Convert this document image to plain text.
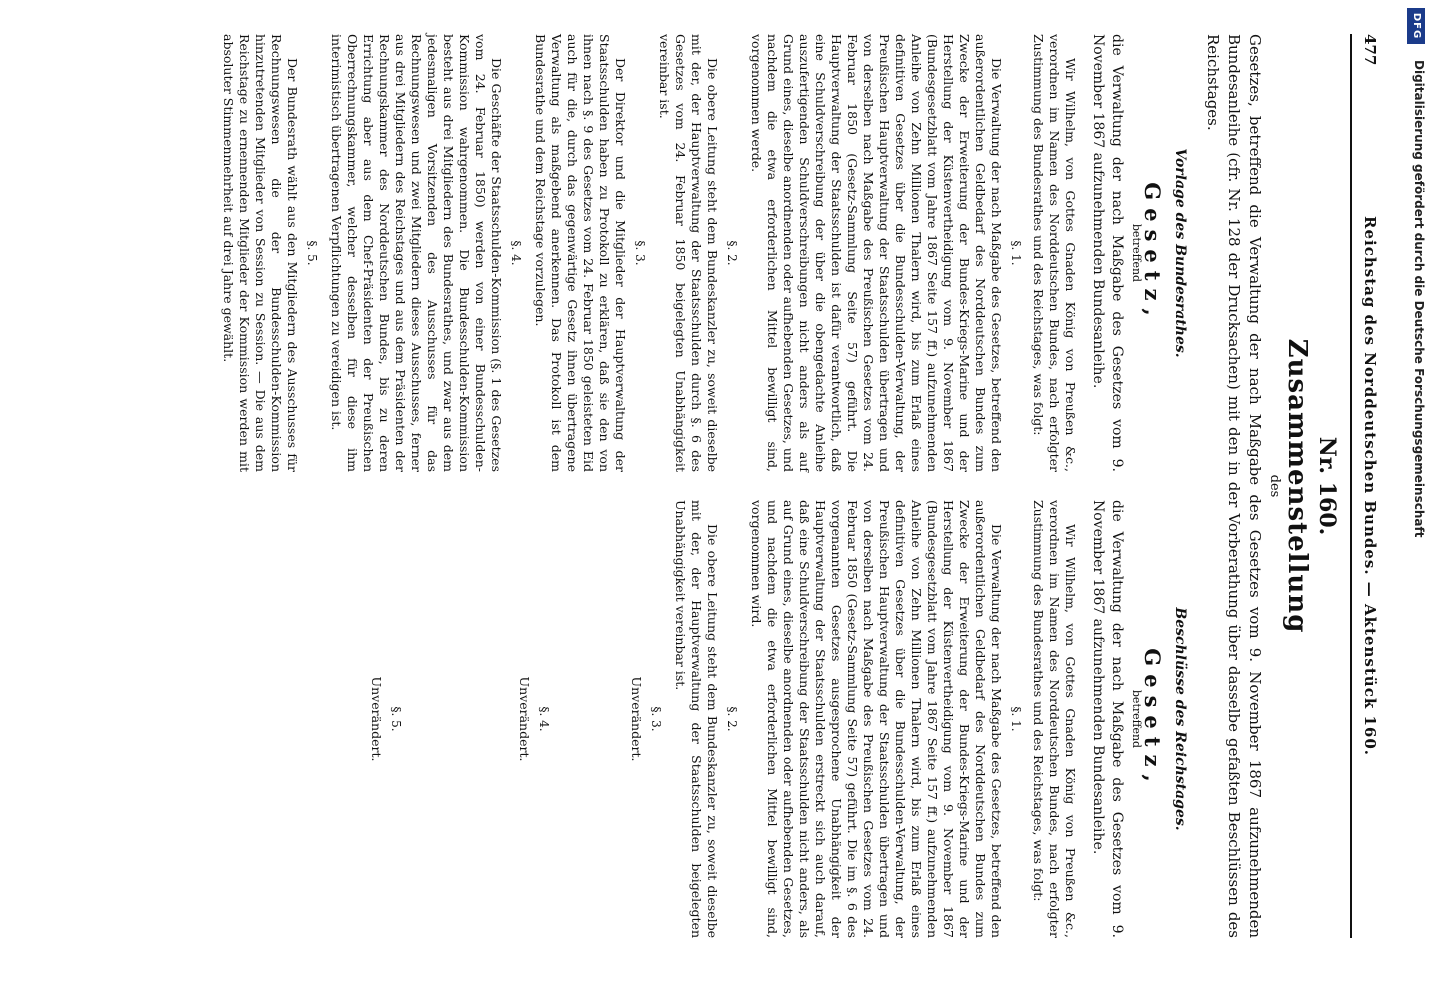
DFG
Digitalisierung gefördert durch die Deutsche Forschungsgemeinschaft
477
Reichstag des Norddeutschen Bundes. — Aktenstück 160.
Nr. 160.
Zusammenstellung
des
Gesetzes, betreffend die Verwaltung der nach Maßgabe des Gesetzes vom 9. November 1867 aufzunehmenden Bundesanleihe (cfr. Nr. 128 der Drucksachen) mit den in der Vorberathung über dasselbe gefaßten Beschlüssen des Reichstages.
Vorlage des Bundesrathes.
Gesetz,
betreffend
die Verwaltung der nach Maßgabe des Gesetzes vom 9. November 1867 aufzunehmenden Bundesanleihe.

Wir Wilhelm, von Gottes Gnaden König von Preußen &c., verordnen im Namen des Norddeutschen Bundes, nach erfolgter Zustimmung des Bundesrathes und des Reichstages, was folgt:

§. 1.

Die Verwaltung der nach Maßgabe des Gesetzes, betreffend den außerordentlichen Geldbedarf des Norddeutschen Bundes zum Zwecke der Erweiterung der Bundes-Kriegs-Marine und der Herstellung der Küstenvertheidigung vom 9. November 1867 (Bundesgesetzblatt vom Jahre 1867 Seite 157 ff.) aufzunehmenden Anleihe von Zehn Millionen Thalern wird, bis zum Erlaß eines definitiven Gesetzes über die Bundesschulden-Verwaltung, der Preußischen Hauptverwaltung der Staatsschulden übertragen und von derselben nach Maßgabe des Preußischen Gesetzes vom 24. Februar 1850 (Gesetz-Sammlung Seite 57) geführt. Die Hauptverwaltung der Staatsschulden ist dafür verantwortlich, daß eine Schuldverschreibung der über die obengedachte Anleihe auszufertigenden Schuldverschreibungen nicht anders als auf Grund eines, dieselbe anordnenden oder aufhebenden Gesetzes, und nachdem die etwa erforderlichen Mittel bewilligt sind, vorgenommen werde.

§. 2.

Die obere Leitung steht dem Bundeskanzler zu, soweit dieselbe mit der, der Hauptverwaltung der Staatsschulden durch §. 6 des Gesetzes vom 24. Februar 1850 beigelegten Unabhängigkeit vereinbar ist.

§. 3.

Der Direktor und die Mitglieder der Hauptverwaltung der Staatsschulden haben zu Protokoll zu erklären, daß sie den von ihnen nach §. 9 des Gesetzes vom 24. Februar 1850 geleisteten Eid auch für die, durch das gegenwärtige Gesetz ihnen übertragene Verwaltung als maßgebend anerkennen. Das Protokoll ist dem Bundesrathe und dem Reichstage vorzulegen.

§. 4.

Die Geschäfte der Staatsschulden-Kommission (§. 1 des Gesetzes vom 24. Februar 1850) werden von einer Bundesschulden-Kommission wahrgenommen. Die Bundesschulden-Kommission besteht aus drei Mitgliedern des Bundesrathes, und zwar aus dem jedesmaligen Vorsitzenden des Ausschusses für das Rechnungswesen und zwei Mitgliedern dieses Ausschusses, ferner aus drei Mitgliedern des Reichstages und aus dem Präsidenten der Rechnungskammer des Norddeutschen Bundes, bis zu deren Errichtung aber aus dem Chef-Präsidenten der Preußischen Oberrechnungskammer, welcher desselben für diese ihm interimistisch übertragenen Verpflichtungen zu vereidigen ist.

§. 5.

Der Bundesrath wählt aus den Mitgliedern des Ausschusses für Rechnungswesen die der Bundesschulden-Kommission hinzutretenden Mitglieder von Session zu Session. — Die aus dem Reichstage zu ernennenden Mitglieder der Kommission werden mit absoluter Stimmenmehrheit auf drei Jahre gewählt.

Beschlüsse des Reichstages.
Gesetz,
betreffend
die Verwaltung der nach Maßgabe des Gesetzes vom 9. November 1867 aufzunehmenden Bundesanleihe.

Wir Wilhelm, von Gottes Gnaden König von Preußen &c., verordnen im Namen des Norddeutschen Bundes, nach erfolgter Zustimmung des Bundesrathes und des Reichstages, was folgt:

§. 1.

Die Verwaltung der nach Maßgabe des Gesetzes, betreffend den außerordentlichen Geldbedarf des Norddeutschen Bundes zum Zwecke der Erweiterung der Bundes-Kriegs-Marine und der Herstellung der Küstenvertheidigung vom 9. November 1867 (Bundesgesetzblatt vom Jahre 1867 Seite 157 ff.) aufzunehmenden Anleihe von Zehn Millionen Thalern wird, bis zum Erlaß eines definitiven Gesetzes über die Bundesschulden-Verwaltung, der Preußischen Hauptverwaltung der Staatsschulden übertragen und von derselben nach Maßgabe des Preußischen Gesetzes vom 24. Februar 1850 (Gesetz-Sammlung Seite 57) geführt. Die im §. 6 des vorgenannten Gesetzes ausgesprochene Unabhängigkeit der Hauptverwaltung der Staatsschulden erstreckt sich auch darauf, daß eine Schuldverschreibung der Staatsschulden nicht anders, als auf Grund eines, dieselbe anordnenden oder aufhebenden Gesetzes, und nachdem die etwa erforderlichen Mittel bewilligt sind, vorgenommen wird.

§. 2.

Die obere Leitung steht dem Bundeskanzler zu, soweit dieselbe mit der, der Hauptverwaltung der Staatsschulden beigelegten Unabhängigkeit vereinbar ist.

§. 3.
Unverändert.
§. 4.
Unverändert.
§. 5.
Unverändert.
